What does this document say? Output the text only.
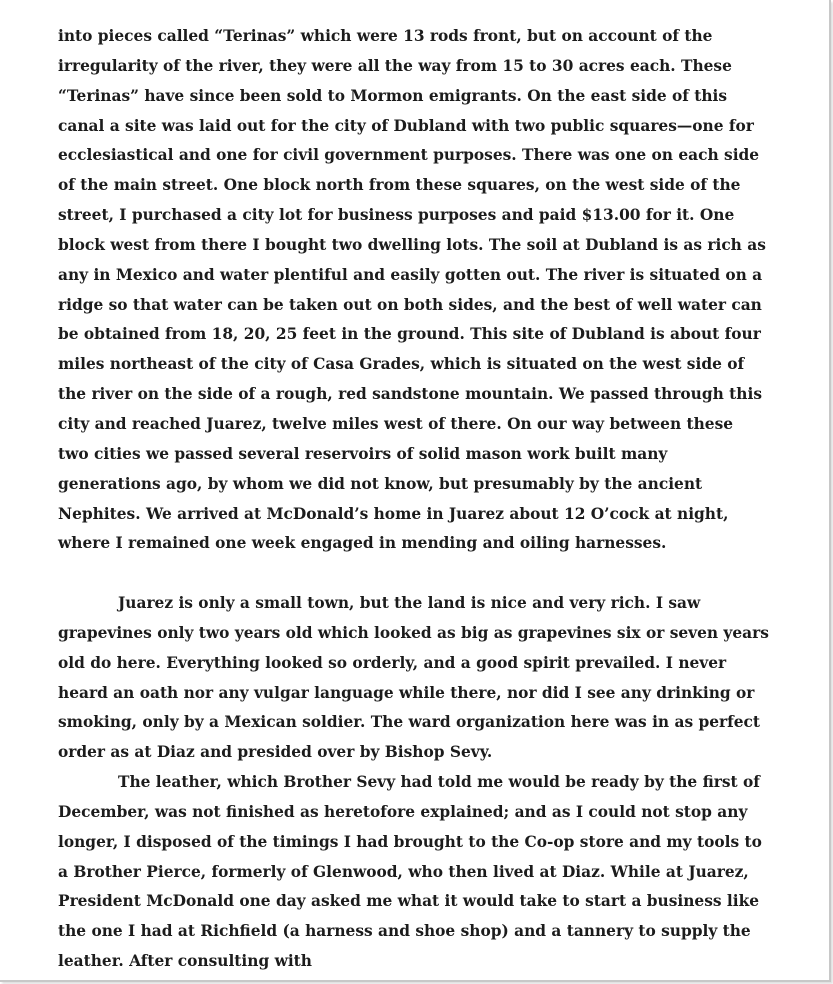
into pieces called “Terinas” which were 13 rods front, but on account of the
irregularity of the river, they were all the way from 15 to 30 acres each. These
“Terinas” have since been sold to Mormon emigrants. On the east side of this
canal a site was laid out for the city of Dubland with two public squares—one for
ecclesiastical and one for civil government purposes. There was one on each side
of the main street. One block north from these squares, on the west side of the
street, I purchased a city lot for business purposes and paid $13.00 for it. One
block west from there I bought two dwelling lots. The soil at Dubland is as rich as
any in Mexico and water plentiful and easily gotten out. The river is situated on a
ridge so that water can be taken out on both sides, and the best of well water can
be obtained from 18, 20, 25 feet in the ground. This site of Dubland is about four
miles northeast of the city of Casa Grades, which is situated on the west side of
the river on the side of a rough, red sandstone mountain. We passed through this
city and reached Juarez, twelve miles west of there. On our way between these
two cities we passed several reservoirs of solid mason work built many
generations ago, by whom we did not know, but presumably by the ancient
Nephites. We arrived at McDonald’s home in Juarez about 12 O’cock at night,
where I remained one week engaged in mending and oiling harnesses.
Juarez is only a small town, but the land is nice and very rich. I saw
grapevines only two years old which looked as big as grapevines six or seven years
old do here. Everything looked so orderly, and a good spirit prevailed. I never
heard an oath nor any vulgar language while there, nor did I see any drinking or
smoking, only by a Mexican soldier. The ward organization here was in as perfect
order as at Diaz and presided over by Bishop Sevy.
The leather, which Brother Sevy had told me would be ready by the first of
December, was not finished as heretofore explained; and as I could not stop any
longer, I disposed of the timings I had brought to the Co-op store and my tools to
a Brother Pierce, formerly of Glenwood, who then lived at Diaz. While at Juarez,
President McDonald one day asked me what it would take to start a business like
the one I had at Richfield (a harness and shoe shop) and a tannery to supply the
leather. After consulting with
